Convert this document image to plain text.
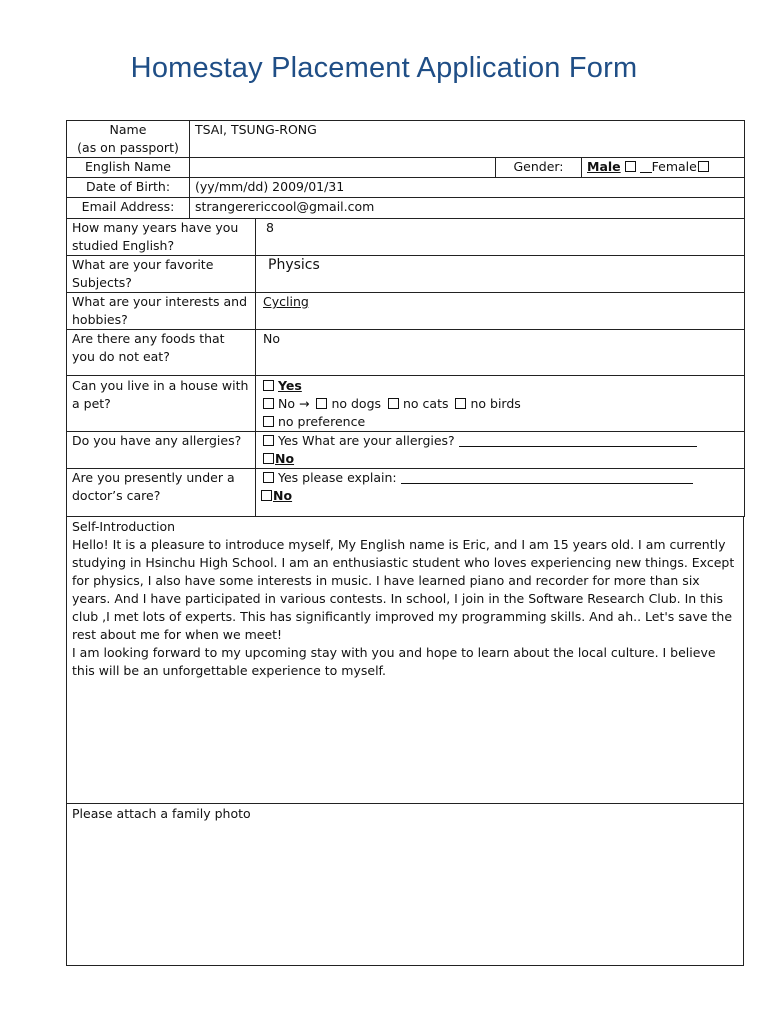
Homestay Placement Application Form
Name
(as on passport)	TSAI, TSUNG-RONG		
English Name		Gender:	Male Female
Date of Birth:	(yy/mm/dd) 2009/01/31		
Email Address:	strangerericcool@gmail.com		
How many years have you studied English?	8
What are your favorite Subjects?	Physics
What are your interests and hobbies?	Cycling
Are there any foods that you do not eat?	No
Can you live in a house with a pet?	Yes
No → no dogs no cats no birds
no preference

Do you have any allergies?	Yes What are your allergies?
No

Are you presently under a doctor’s care?	Yes please explain:
No

Self-Introduction

Hello! It is a pleasure to introduce myself, My English name is Eric, and I am 15 years old. I am currently studying in Hsinchu High School. I am an enthusiastic student who loves experiencing new things. Except for physics, I also have some interests in music. I have learned piano and recorder for more than six years. And I have participated in various contests. In school, I join in the Software Research Club. In this club ,I met lots of experts. This has significantly improved my programming skills. And ah.. Let's save the rest about me for when we meet!

I am looking forward to my upcoming stay with you and hope to learn about the local culture. I believe this will be an unforgettable experience to myself.

Please attach a family photo
